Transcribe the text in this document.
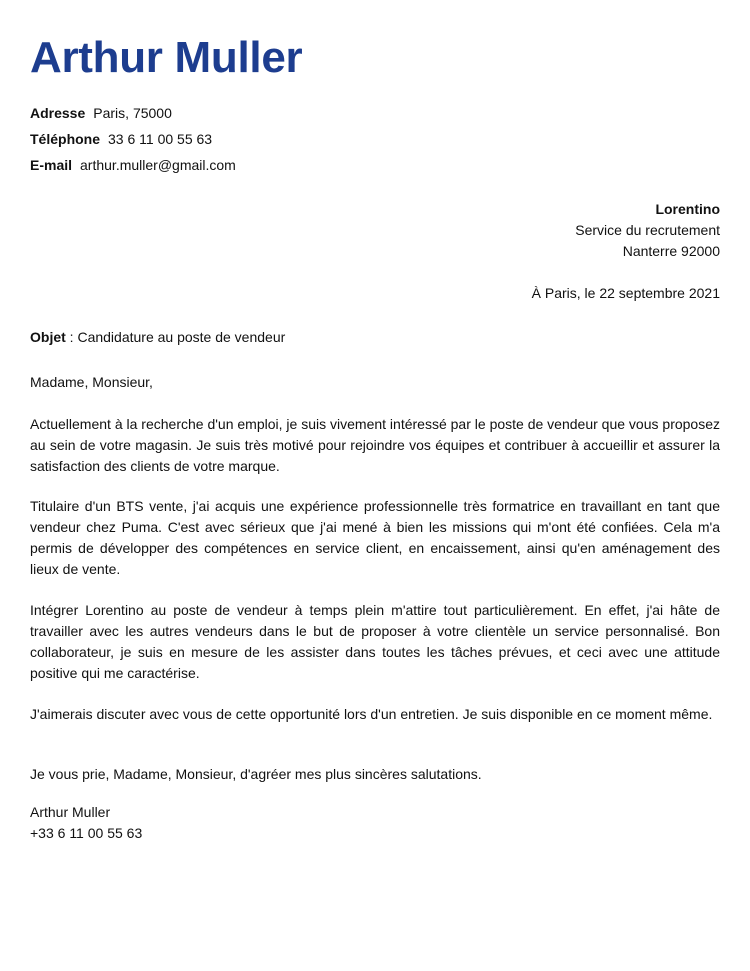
Arthur Muller
Adresse Paris, 75000
Téléphone 33 6 11 00 55 63
E-mail arthur.muller@gmail.com
Lorentino
Service du recrutement
Nanterre 92000
À Paris, le 22 septembre 2021
Objet : Candidature au poste de vendeur
Madame, Monsieur,

Actuellement à la recherche d'un emploi, je suis vivement intéressé par le poste de vendeur que vous proposez au sein de votre magasin. Je suis très motivé pour rejoindre vos équipes et contribuer à accueillir et assurer la satisfaction des clients de votre marque.

Titulaire d'un BTS vente, j'ai acquis une expérience professionnelle très formatrice en travaillant en tant que vendeur chez Puma. C'est avec sérieux que j'ai mené à bien les missions qui m'ont été confiées. Cela m'a permis de développer des compétences en service client, en encaissement, ainsi qu'en aménagement des lieux de vente.

Intégrer Lorentino au poste de vendeur à temps plein m'attire tout particulièrement. En effet, j'ai hâte de travailler avec les autres vendeurs dans le but de proposer à votre clientèle un service personnalisé. Bon collaborateur, je suis en mesure de les assister dans toutes les tâches prévues, et ceci avec une attitude positive qui me caractérise.

J'aimerais discuter avec vous de cette opportunité lors d'un entretien. Je suis disponible en ce moment même.

Je vous prie, Madame, Monsieur, d'agréer mes plus sincères salutations.
Arthur Muller
+33 6 11 00 55 63
